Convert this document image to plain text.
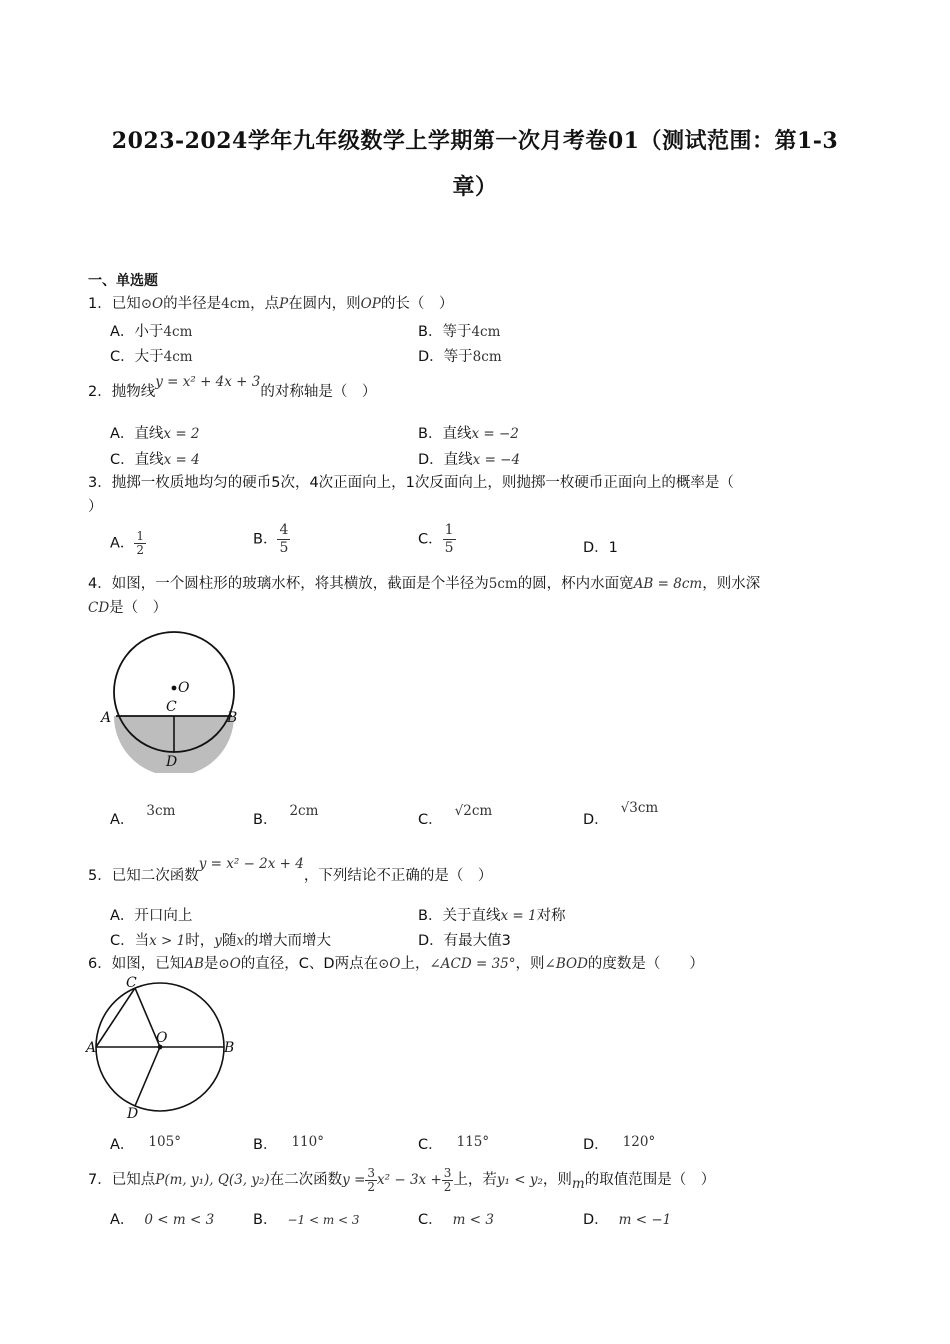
2023-2024学年九年级数学上学期第一次月考卷01（测试范围：第1-3
章）
一、单选题
1．已知⊙O的半径是4cm，点P在圆内，则OP的长（　）
A．小于4cm	B．等于4cm
C．大于4cm	D．等于8cm
2．抛物线y = x² + 4x + 3的对称轴是（　）
A．直线x = 2	B．直线x = −2
C．直线x = 4	D．直线x = −4
3．抛掷一枚质地均匀的硬币5次，4次正面向上，1次反面向上，则抛掷一枚硬币正面向上的概率是（
）
A． $\frac{1}{2}$	B． $\frac{4}{5}$	C． $\frac{1}{5}$	D．1
4．如图，一个圆柱形的玻璃水杯，将其横放，截面是个半径为5cm的圆，杯内水面宽AB = 8cm，则水深
CD是（　）
O
C
A	B
D
A．3cm
B．2cm
C．√2cm
D．√3cm
5．已知二次函数y = x² − 2x + 4，下列结论不正确的是（　）
A．开口向上	B．关于直线x = 1对称
C．当x > 1时，y随x的增大而增大	D．有最大值3
6．如图，已知AB是⊙O的直径，C、D两点在⊙O上，∠ACD = 35°，则∠BOD的度数是（　　）
C
A
O
B
D
A． 105°	B． 110°	C． 115°	D． 120°
7．已知点P(m, y₁), Q(3, y₂)在二次函数$y = \frac{3}{2} x^2 - 3x + \frac{3}{2}$ 上，若y₁ < y₂，则m的取值范围是（　）
A． 0 < m < 3	B． −1 < m < 3	C． m < 3	D． m < −1
